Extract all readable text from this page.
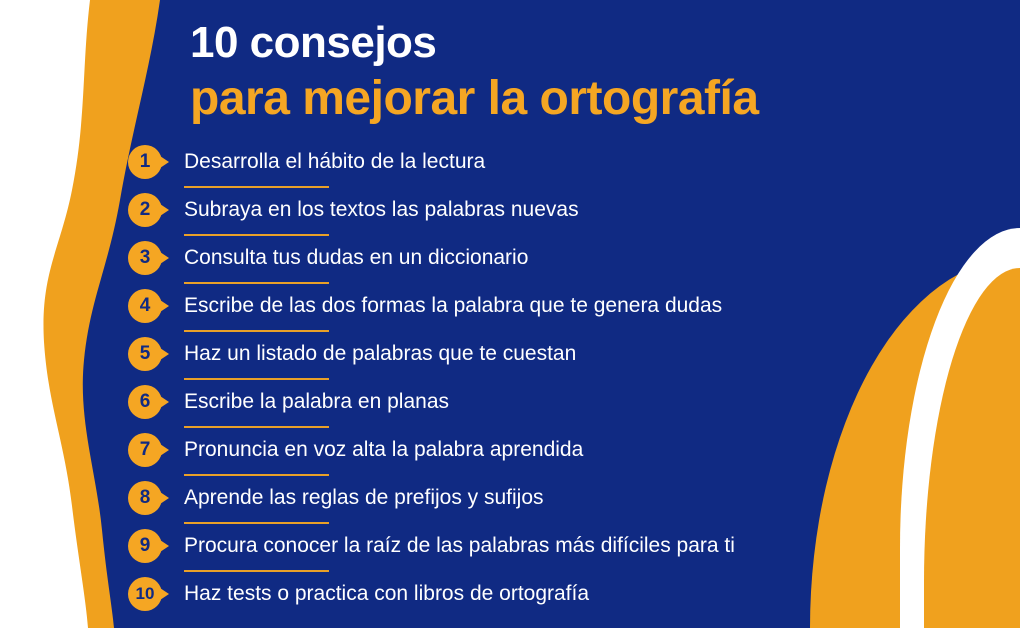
10 consejos
para mejorar la ortografía
1	Desarrolla el hábito de la lectura
2	Subraya en los textos las palabras nuevas
3	Consulta tus dudas en un diccionario
4	Escribe de las dos formas la palabra que te genera dudas
5	Haz un listado de palabras que te cuestan
6	Escribe la palabra en planas
7	Pronuncia en voz alta la palabra aprendida
8	Aprende las reglas de prefijos y sufijos
9	Procura conocer la raíz de las palabras más difíciles para ti
10	Haz tests o practica con libros de ortografía
